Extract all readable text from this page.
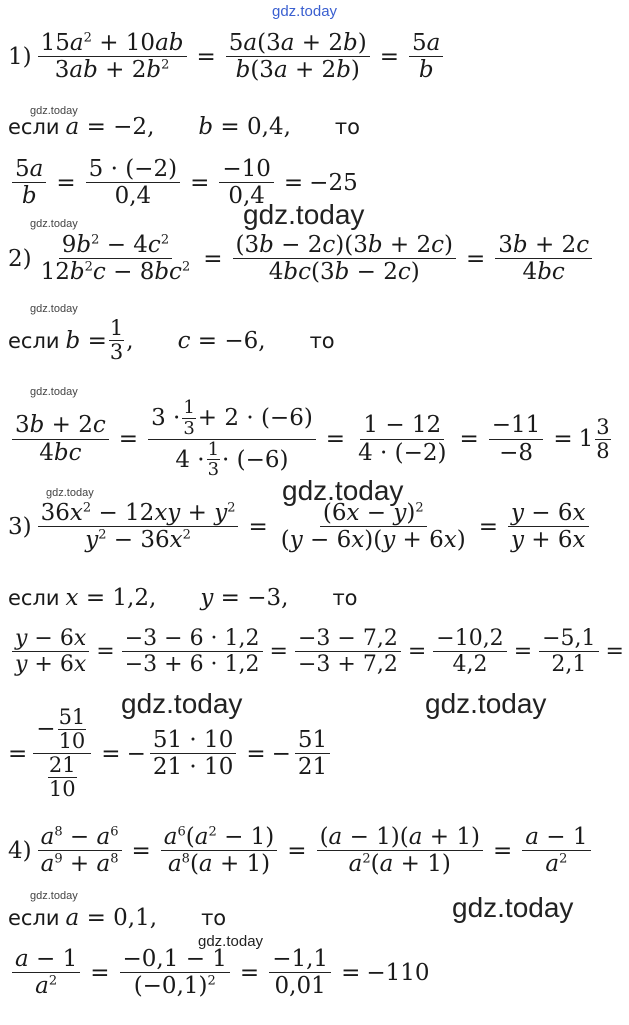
gdz.today
$1) \frac{15a^2 + 10ab}{3ab + 2b^2} = \frac{5a(3a + 2b)}{b(3a + 2b)} = \frac{5a}{b}$
gdz.today
если a = −2, b = 0,4, то
$\frac{5a}{b} = \frac{5 \cdot (-2)}{0,4} = \frac{-10}{0,4} = -25$
gdz.today	gdz.today
$2) \frac{9b^2 - 4c^2}{12b^2c - 8bc^2} = \frac{(3b - 2c)(3b + 2c)}{4bc(3b - 2c)} = \frac{3b + 2c}{4bc}$
gdz.today
если $b = \frac{1}{3}$ , c = −6, то
gdz.today
$\frac{3b + 2c}{4bc} = \frac{3 \cdot \frac{1}{3} + 2 \cdot (-6)}{4 \cdot \frac{1}{3} \cdot (-6)} = \frac{1 - 12}{4 \cdot (-2)} = \frac{-11}{-8} = 1 \frac{3}{8}$
gdz.today
gdz.today
$3) \frac{36x^2 - 12xy + y^2}{y^2 - 36x^2} = \frac{(6x - y)^2}{(y - 6x)(y + 6x)} = \frac{y - 6x}{y + 6x}$
если x = 1,2, y = −3, то
$\frac{y - 6x}{y + 6x} = \frac{-3 - 6 \cdot 1,2}{-3 + 6 \cdot 1,2} = \frac{-3 - 7,2}{-3 + 7,2} = \frac{-10,2}{4,2} = \frac{-5,1}{2,1}$ =
gdz.today	gdz.today
= $\frac{- \frac{51}{10}}{\frac{21}{10}}$ = − $\frac{51 \cdot 10}{21 \cdot 10}$ = − $\frac{51}{21}$
$4) \frac{a^8 - a^6}{a^9 + a^8} = \frac{a^6(a^2 - 1)}{a^8(a + 1)} = \frac{(a - 1)(a + 1)}{a^2(a + 1)} = \frac{a - 1}{a^2}$
gdz.today	gdz.today
если a = 0,1, то
gdz.today
$\frac{a - 1}{a^2} = \frac{-0,1 - 1}{(-0,1)^2} = \frac{-1,1}{0,01} = -110$
